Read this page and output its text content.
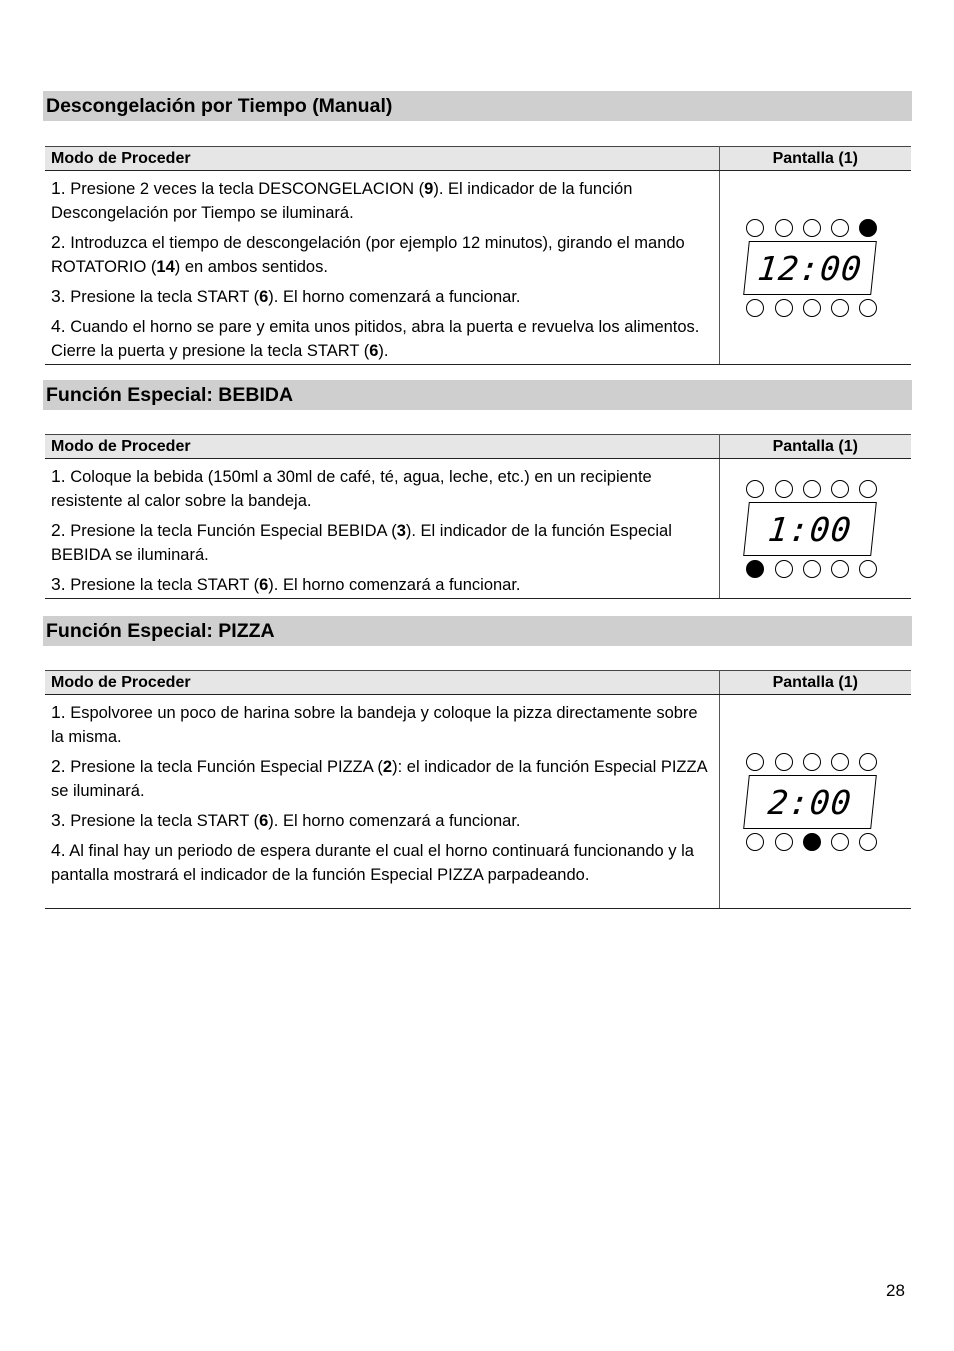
Descongelación por Tiempo (Manual)
Modo de Proceder	Pantalla (1)

1. Presione 2 veces la tecla DESCONGELACION (9). El indicador de la función Descongelación por Tiempo se iluminará.

2. Introduzca el tiempo de descongelación (por ejemplo 12 minutos), girando el mando ROTATORIO (14) en ambos sentidos.

3. Presione la tecla START (6). El horno comenzará a funcionar.

4. Cuando el horno se pare y emita unos pitidos, abra la puerta e revuelva los alimentos. Cierre la puerta y presione la tecla START (6).	12:00
Función Especial: BEBIDA
Modo de Proceder	Pantalla (1)

1. Coloque la bebida (150ml a 30ml de café, té, agua, leche, etc.) en un recipiente resistente al calor sobre la bandeja.

2. Presione la tecla Función Especial BEBIDA (3). El indicador de la función Especial BEBIDA se iluminará.

3. Presione la tecla START (6). El horno comenzará a funcionar.	1:00
Función Especial: PIZZA
Modo de Proceder	Pantalla (1)

1. Espolvoree un poco de harina sobre la bandeja y coloque la pizza directamente sobre la misma.

2. Presione la tecla Función Especial PIZZA (2): el indicador de la función Especial PIZZA se iluminará.

3. Presione la tecla START (6). El horno comenzará a funcionar.

4. Al final hay un periodo de espera durante el cual el horno continuará funcionando y la pantalla mostrará el indicador de la función Especial PIZZA parpadeando.	2:00
28
